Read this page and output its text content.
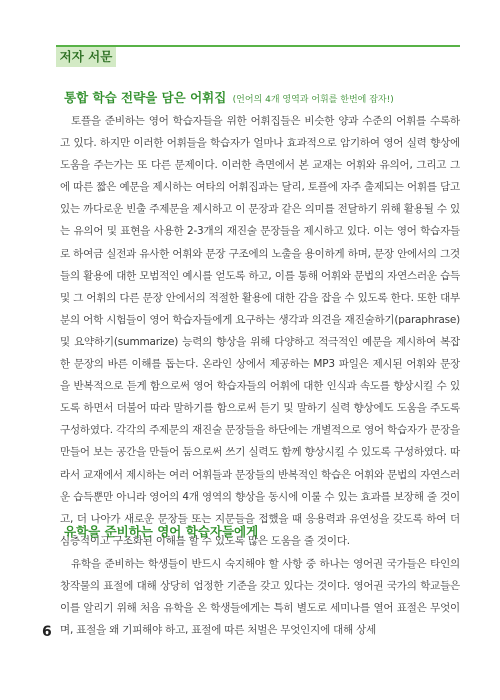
저자 서문
통합 학습 전략을 담은 어휘집 (언어의 4개 영역과 어휘를 한번에 잡자!)

토플을 준비하는 영어 학습자들을 위한 어휘집들은 비슷한 양과 수준의 어휘를 수록하고 있다. 하지만 이러한 어휘들을 학습자가 얼마나 효과적으로 암기하여 영어 실력 향상에 도움을 주는가는 또 다른 문제이다. 이러한 측면에서 본 교재는 어휘와 유의어, 그리고 그에 따른 짧은 예문을 제시하는 여타의 어휘집과는 달리, 토플에 자주 출제되는 어휘를 담고 있는 까다로운 빈출 주제문을 제시하고 이 문장과 같은 의미를 전달하기 위해 활용될 수 있는 유의어 및 표현을 사용한 2-3개의 재진술 문장들을 제시하고 있다. 이는 영어 학습자들로 하여금 실전과 유사한 어휘와 문장 구조에의 노출을 용이하게 하며, 문장 안에서의 그것들의 활용에 대한 모범적인 예시를 얻도록 하고, 이를 통해 어휘와 문법의 자연스러운 습득 및 그 어휘의 다른 문장 안에서의 적절한 활용에 대한 감을 잡을 수 있도록 한다. 또한 대부분의 어학 시험들이 영어 학습자들에게 요구하는 생각과 의견을 재진술하기(paraphrase) 및 요약하기(summarize) 능력의 향상을 위해 다양하고 적극적인 예문을 제시하여 복잡한 문장의 바른 이해를 돕는다. 온라인 상에서 제공하는 MP3 파일은 제시된 어휘와 문장을 반복적으로 듣게 함으로써 영어 학습자들의 어휘에 대한 인식과 속도를 향상시킬 수 있도록 하면서 더불어 따라 말하기를 함으로써 듣기 및 말하기 실력 향상에도 도움을 주도록 구성하였다. 각각의 주제문의 재진술 문장들을 하단에는 개별적으로 영어 학습자가 문장을 만들어 보는 공간을 만들어 둠으로써 쓰기 실력도 함께 향상시킬 수 있도록 구성하였다. 따라서 교재에서 제시하는 여러 어휘들과 문장들의 반복적인 학습은 어휘와 문법의 자연스러운 습득뿐만 아니라 영어의 4개 영역의 향상을 동시에 이룰 수 있는 효과를 보장해 줄 것이고, 더 나아가 새로운 문장들 또는 지문들을 접했을 때 응용력과 유연성을 갖도록 하여 더 심층적이고 구조화된 이해를 할 수 있도록 많은 도움을 줄 것이다.

유학을 준비하는 영어 학습자들에게

유학을 준비하는 학생들이 반드시 숙지해야 할 사항 중 하나는 영어권 국가들은 타인의 창작물의 표절에 대해 상당히 엄정한 기준을 갖고 있다는 것이다. 영어권 국가의 학교들은 이를 알리기 위해 처음 유학을 온 학생들에게는 특히 별도로 세미나를 열어 표절은 무엇이며, 표절을 왜 기피해야 하고, 표절에 따른 처벌은 무엇인지에 대해 상세

6
